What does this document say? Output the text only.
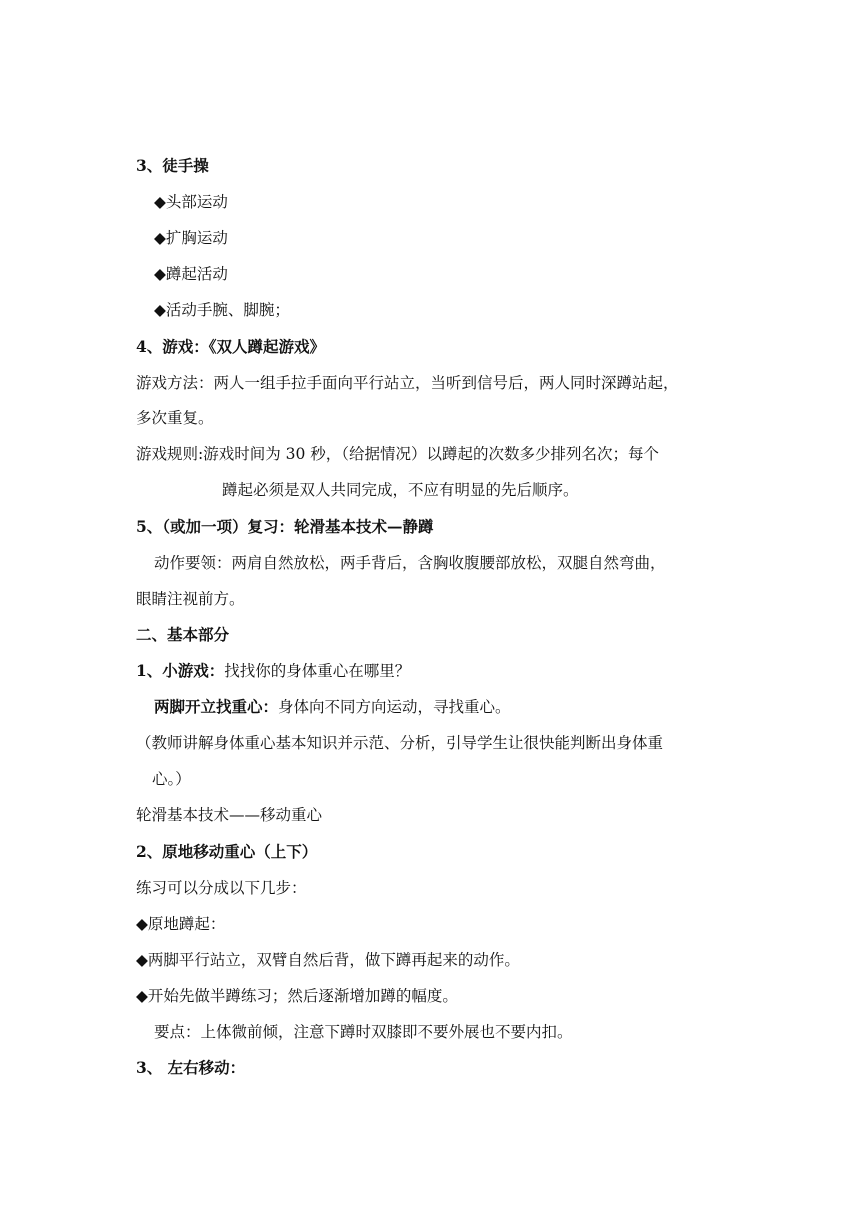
3、徒手操
◆头部运动
◆扩胸运动
◆蹲起活动
◆活动手腕、脚腕；
4、游戏：《双人蹲起游戏》
游戏方法：两人一组手拉手面向平行站立，当听到信号后，两人同时深蹲站起，
多次重复。
游戏规则:游戏时间为 30 秒，（给据情况）以蹲起的次数多少排列名次；每个
蹲起必须是双人共同完成，不应有明显的先后顺序。
5、（或加一项）复习：轮滑基本技术—静蹲
动作要领：两肩自然放松，两手背后，含胸收腹腰部放松，双腿自然弯曲，
眼睛注视前方。
二、基本部分
1、小游戏：找找你的身体重心在哪里？
两脚开立找重心：身体向不同方向运动，寻找重心。
（教师讲解身体重心基本知识并示范、分析，引导学生让很快能判断出身体重
心。）
轮滑基本技术——移动重心
2、原地移动重心（上下）
练习可以分成以下几步：
◆原地蹲起：
◆两脚平行站立，双臂自然后背，做下蹲再起来的动作。
◆开始先做半蹲练习；然后逐渐增加蹲的幅度。
要点：上体微前倾，注意下蹲时双膝即不要外展也不要内扣。
3、 左右移动：
